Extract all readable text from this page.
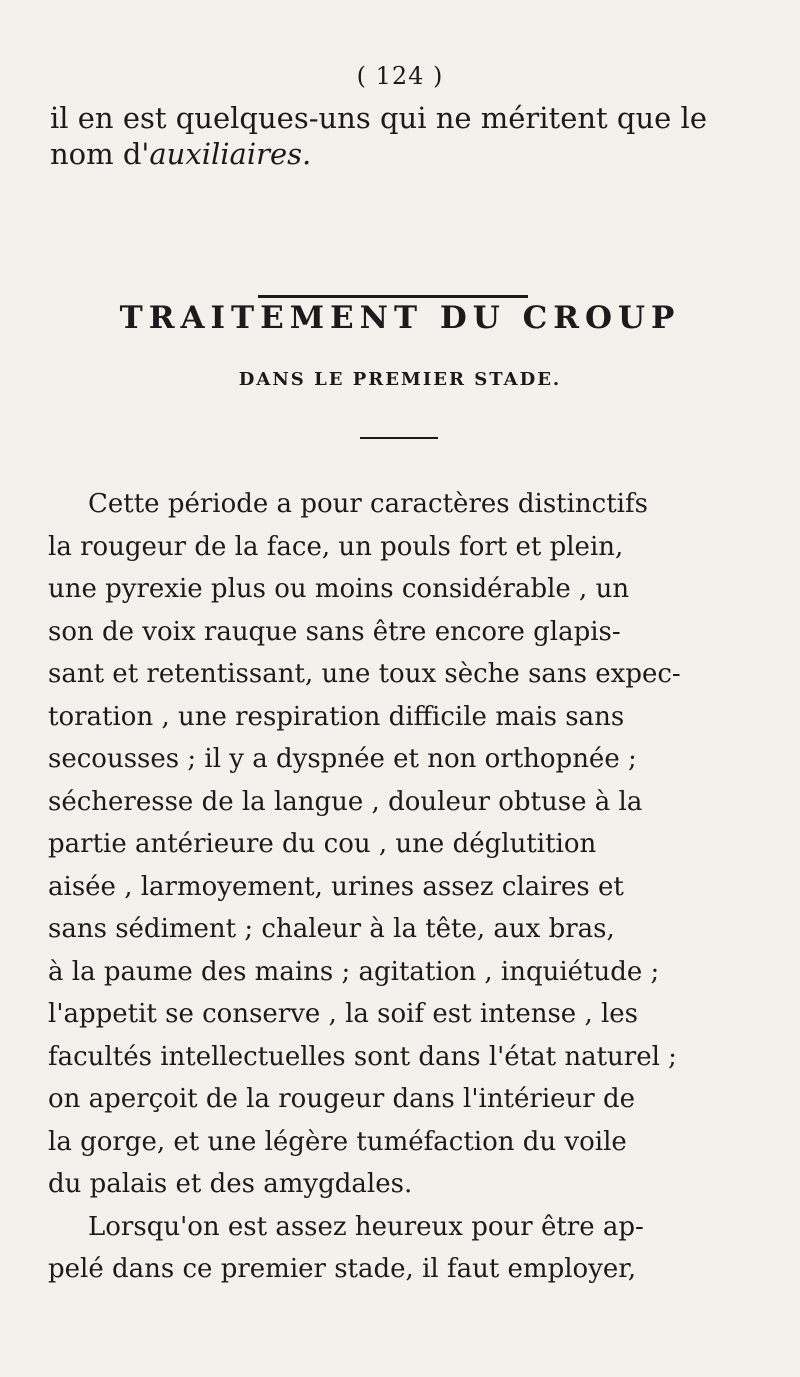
( 124 )
il en est quelques-uns qui ne méritent que le
nom d'auxiliaires.
TRAITEMENT DU CROUP
DANS LE PREMIER STADE.
Cette période a pour caractères distinctifs
la rougeur de la face, un pouls fort et plein,
une pyrexie plus ou moins considérable , un
son de voix rauque sans être encore glapis-
sant et retentissant, une toux sèche sans expec-
toration , une respiration difficile mais sans
secousses ; il y a dyspnée et non orthopnée ;
sécheresse de la langue , douleur obtuse à la
partie antérieure du cou , une déglutition
aisée , larmoyement, urines assez claires et
sans sédiment ; chaleur à la tête, aux bras,
à la paume des mains ; agitation , inquiétude ;
l'appetit se conserve , la soif est intense , les
facultés intellectuelles sont dans l'état naturel ;
on aperçoit de la rougeur dans l'intérieur de
la gorge, et une légère tuméfaction du voile
du palais et des amygdales.
Lorsqu'on est assez heureux pour être ap-
pelé dans ce premier stade, il faut employer,
